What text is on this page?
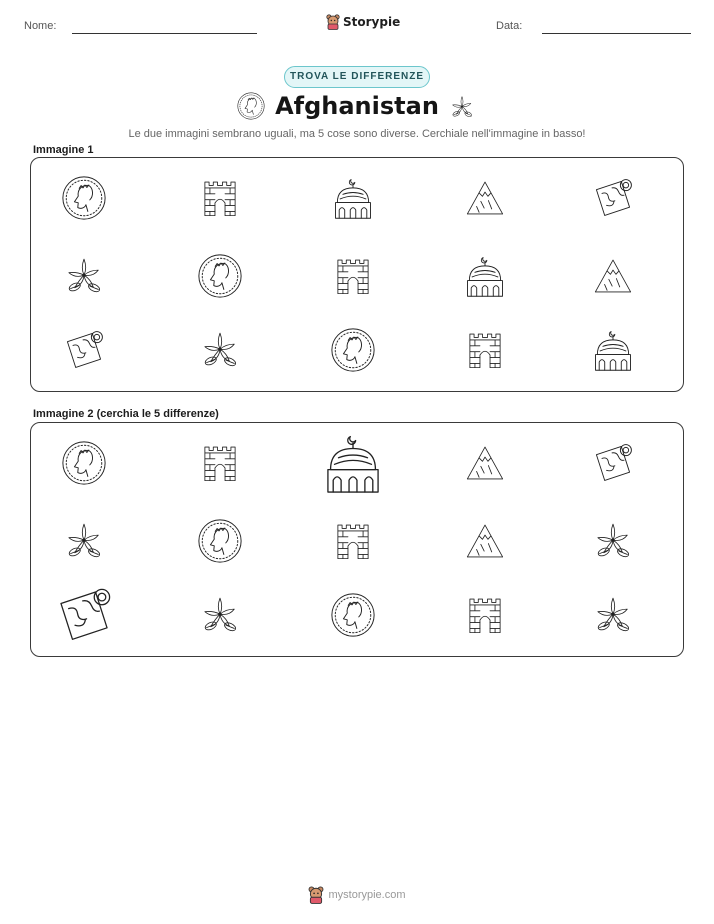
Nome:	Storypie	Data:
TROVA LE DIFFERENZE
Afghanistan
Le due immagini sembrano uguali, ma 5 cose sono diverse. Cerchiale nell'immagine in basso!
Immagine 1
Immagine 2 (cerchia le 5 differenze)
mystorypie.com
